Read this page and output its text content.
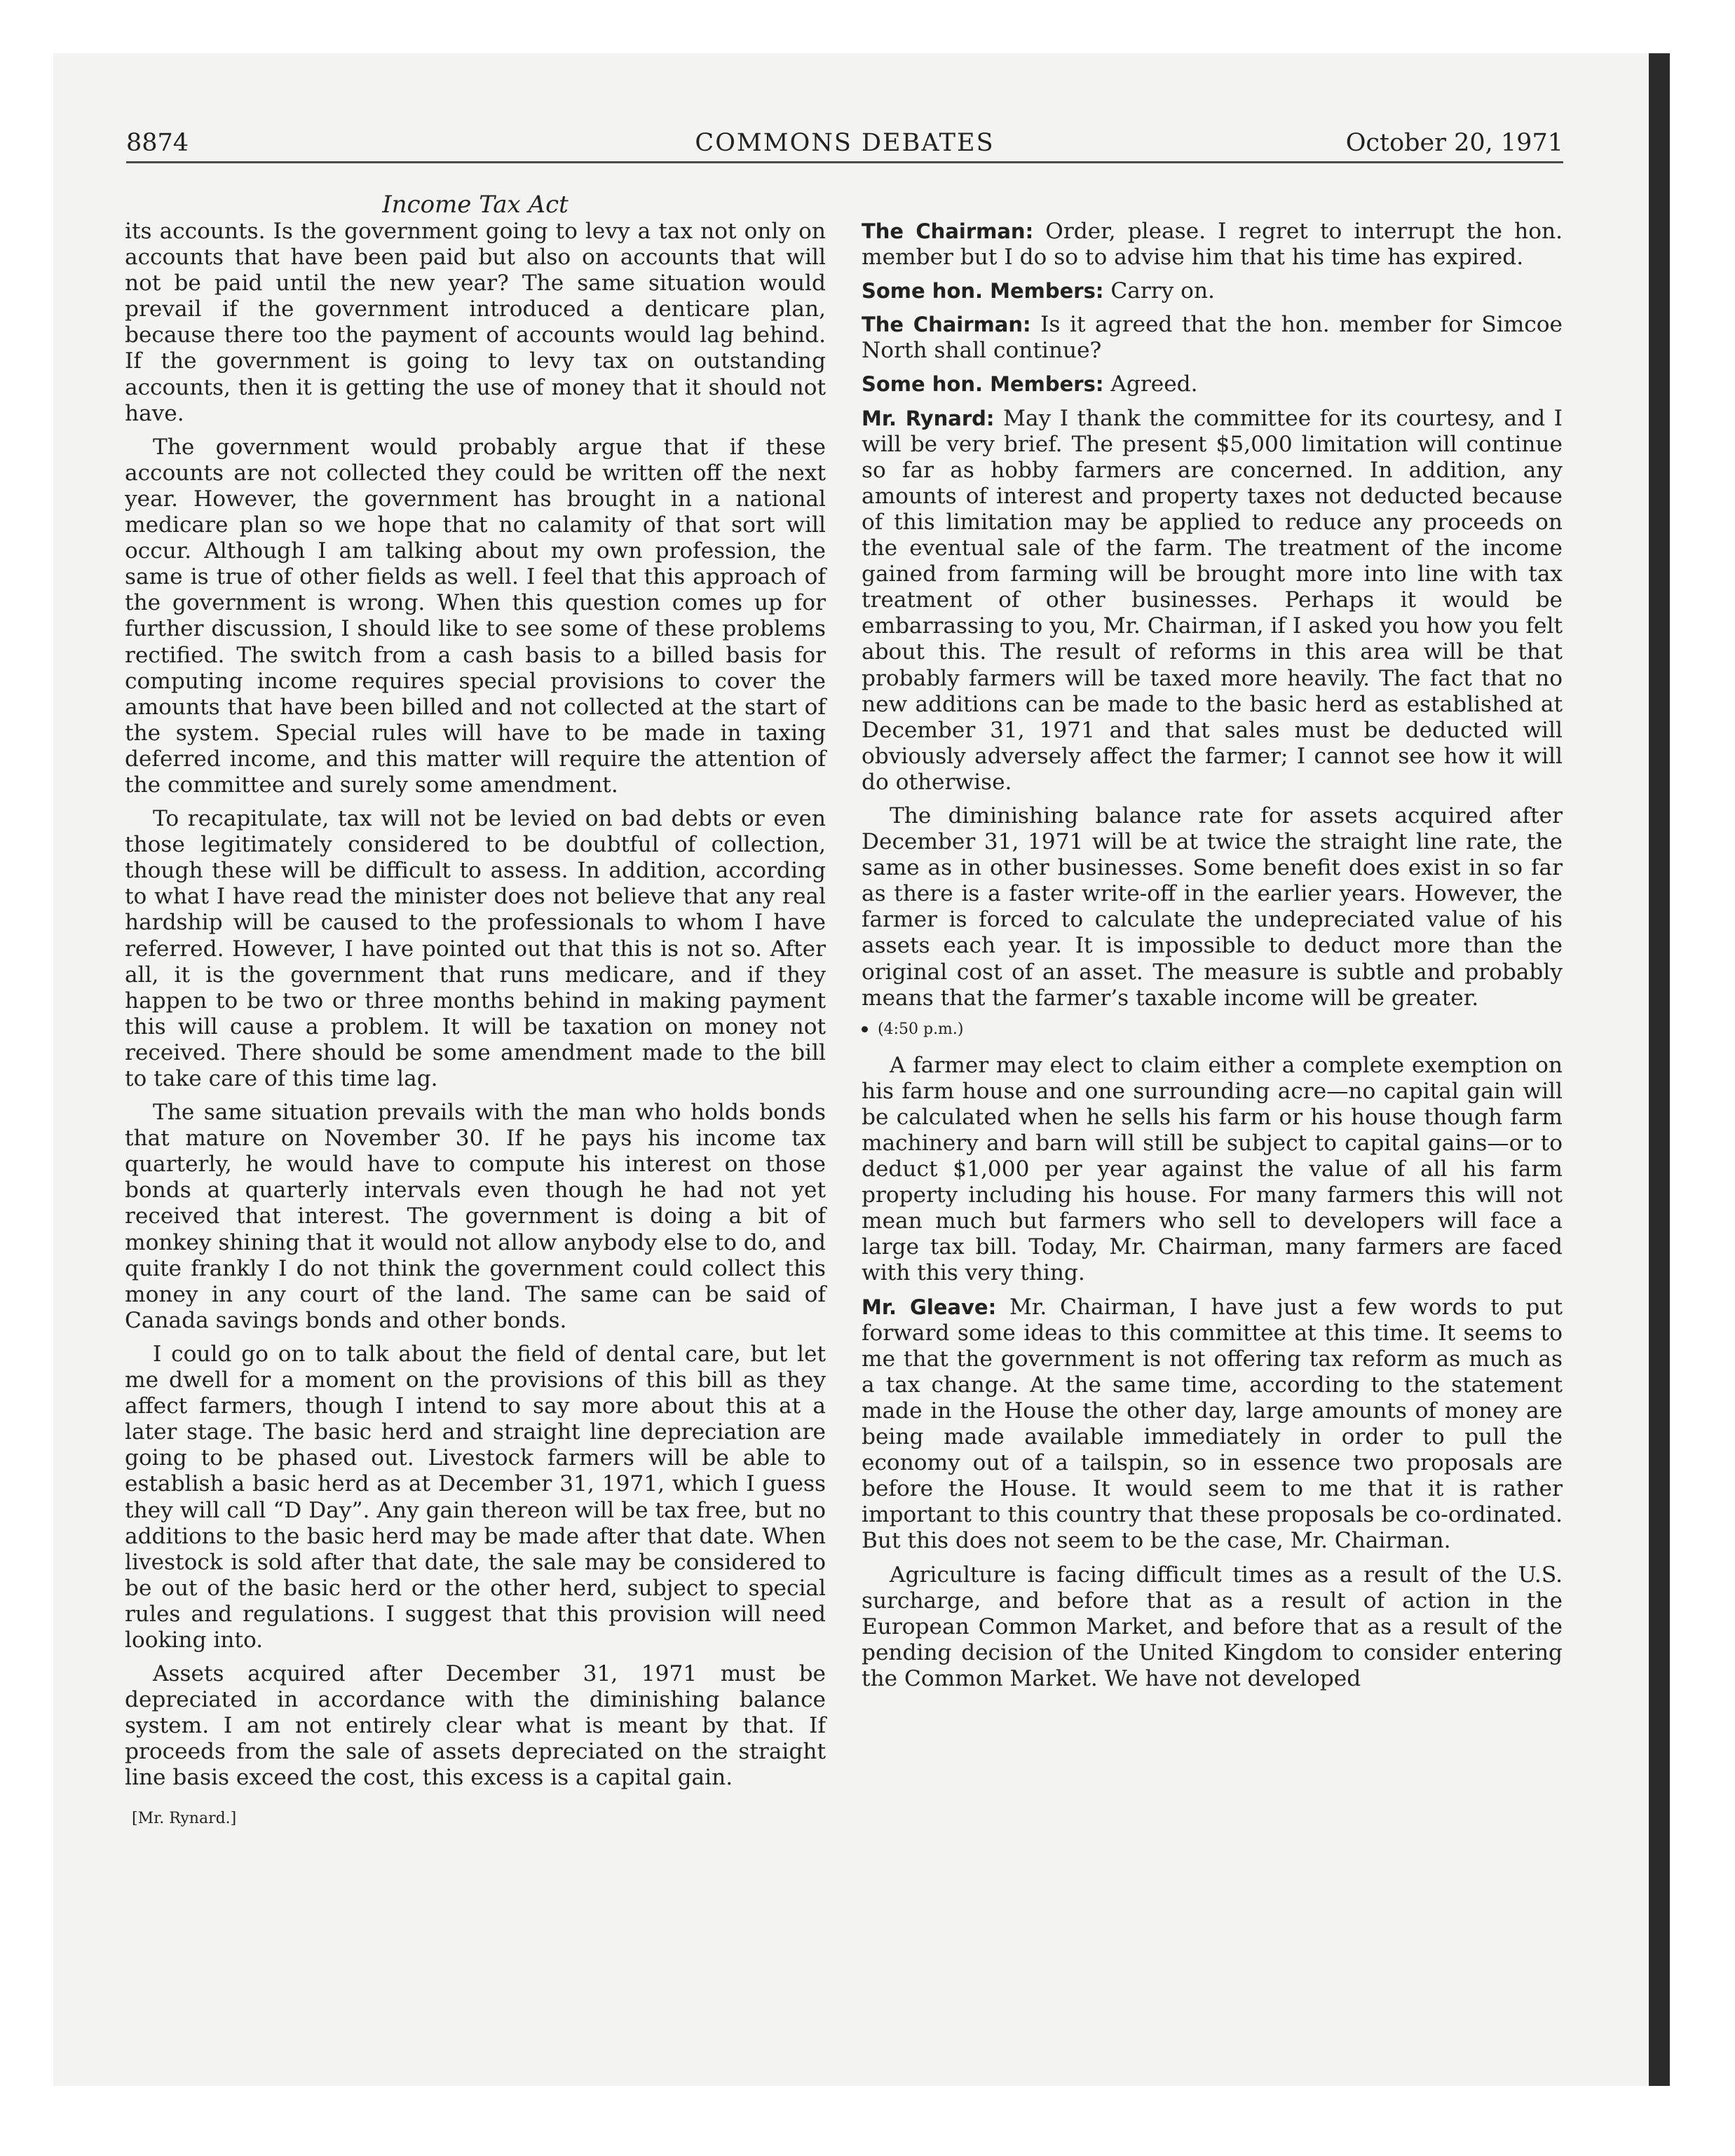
8874	COMMONS DEBATES	October 20, 1971
Income Tax Act

its accounts. Is the government going to levy a tax not only on accounts that have been paid but also on accounts that will not be paid until the new year? The same situation would prevail if the government introduced a denticare plan, because there too the payment of accounts would lag behind. If the government is going to levy tax on outstanding accounts, then it is getting the use of money that it should not have.

The government would probably argue that if these accounts are not collected they could be written off the next year. However, the government has brought in a national medicare plan so we hope that no calamity of that sort will occur. Although I am talking about my own profession, the same is true of other fields as well. I feel that this approach of the government is wrong. When this question comes up for further discussion, I should like to see some of these problems rectified. The switch from a cash basis to a billed basis for computing income requires special provisions to cover the amounts that have been billed and not collected at the start of the system. Special rules will have to be made in taxing deferred income, and this matter will require the attention of the committee and surely some amendment.

To recapitulate, tax will not be levied on bad debts or even those legitimately considered to be doubtful of collection, though these will be difficult to assess. In addition, according to what I have read the minister does not believe that any real hardship will be caused to the professionals to whom I have referred. However, I have pointed out that this is not so. After all, it is the government that runs medicare, and if they happen to be two or three months behind in making payment this will cause a problem. It will be taxation on money not received. There should be some amendment made to the bill to take care of this time lag.

The same situation prevails with the man who holds bonds that mature on November 30. If he pays his income tax quarterly, he would have to compute his interest on those bonds at quarterly intervals even though he had not yet received that interest. The government is doing a bit of monkey shining that it would not allow anybody else to do, and quite frankly I do not think the government could collect this money in any court of the land. The same can be said of Canada savings bonds and other bonds.

I could go on to talk about the field of dental care, but let me dwell for a moment on the provisions of this bill as they affect farmers, though I intend to say more about this at a later stage. The basic herd and straight line depreciation are going to be phased out. Livestock farmers will be able to establish a basic herd as at December 31, 1971, which I guess they will call “D Day”. Any gain thereon will be tax free, but no additions to the basic herd may be made after that date. When livestock is sold after that date, the sale may be considered to be out of the basic herd or the other herd, subject to special rules and regulations. I suggest that this provision will need looking into.

Assets acquired after December 31, 1971 must be depreciated in accordance with the diminishing balance system. I am not entirely clear what is meant by that. If proceeds from the sale of assets depreciated on the straight line basis exceed the cost, this excess is a capital gain.

[Mr. Rynard.]

The Chairman: Order, please. I regret to interrupt the hon. member but I do so to advise him that his time has expired.

Some hon. Members: Carry on.

The Chairman: Is it agreed that the hon. member for Simcoe North shall continue?

Some hon. Members: Agreed.

Mr. Rynard: May I thank the committee for its courtesy, and I will be very brief. The present $5,000 limitation will continue so far as hobby farmers are concerned. In addition, any amounts of interest and property taxes not deducted because of this limitation may be applied to reduce any proceeds on the eventual sale of the farm. The treatment of the income gained from farming will be brought more into line with tax treatment of other businesses. Perhaps it would be embarrassing to you, Mr. Chairman, if I asked you how you felt about this. The result of reforms in this area will be that probably farmers will be taxed more heavily. The fact that no new additions can be made to the basic herd as established at December 31, 1971 and that sales must be deducted will obviously adversely affect the farmer; I cannot see how it will do otherwise.

The diminishing balance rate for assets acquired after December 31, 1971 will be at twice the straight line rate, the same as in other businesses. Some benefit does exist in so far as there is a faster write-off in the earlier years. However, the farmer is forced to calculate the undepreciated value of his assets each year. It is impossible to deduct more than the original cost of an asset. The measure is subtle and probably means that the farmer’s taxable income will be greater.

(4:50 p.m.)

A farmer may elect to claim either a complete exemption on his farm house and one surrounding acre—no capital gain will be calculated when he sells his farm or his house though farm machinery and barn will still be subject to capital gains—or to deduct $1,000 per year against the value of all his farm property including his house. For many farmers this will not mean much but farmers who sell to developers will face a large tax bill. Today, Mr. Chairman, many farmers are faced with this very thing.

Mr. Gleave: Mr. Chairman, I have just a few words to put forward some ideas to this committee at this time. It seems to me that the government is not offering tax reform as much as a tax change. At the same time, according to the statement made in the House the other day, large amounts of money are being made available immediately in order to pull the economy out of a tailspin, so in essence two proposals are before the House. It would seem to me that it is rather important to this country that these proposals be co-ordinated. But this does not seem to be the case, Mr. Chairman.

Agriculture is facing difficult times as a result of the U.S. surcharge, and before that as a result of action in the European Common Market, and before that as a result of the pending decision of the United Kingdom to consider entering the Common Market. We have not developed
